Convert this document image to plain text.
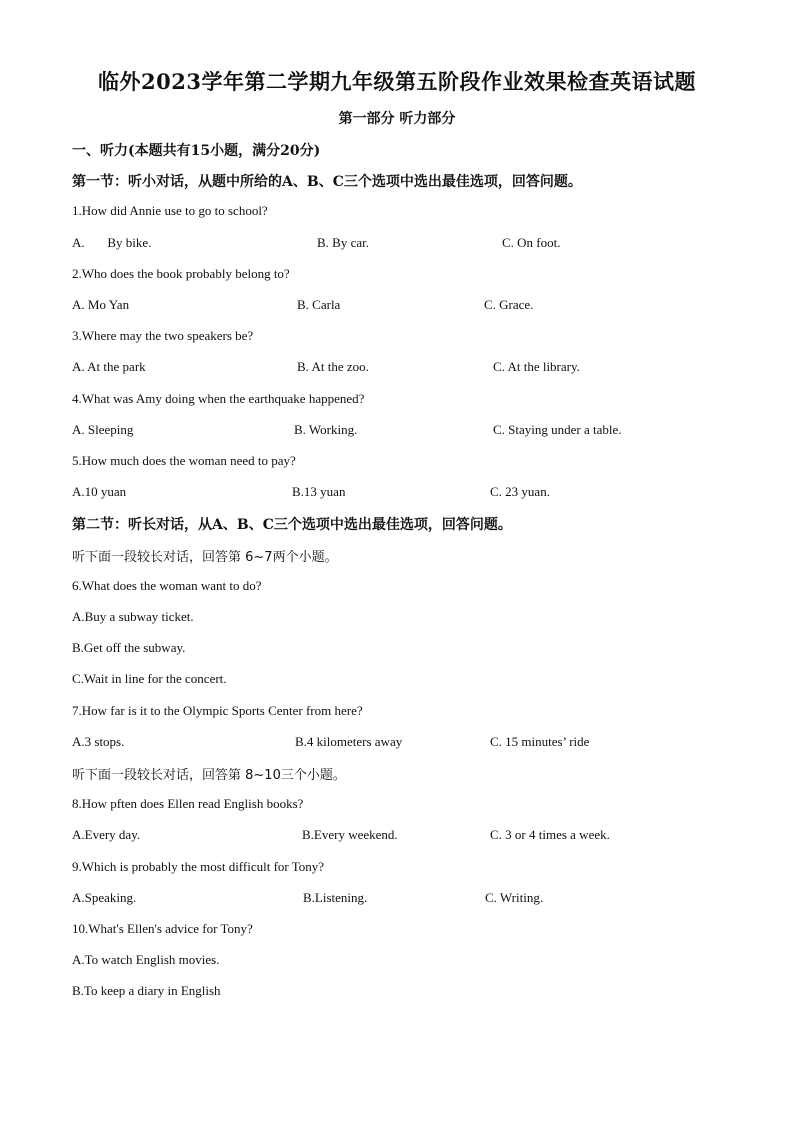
临外2023学年第二学期九年级第五阶段作业效果检查英语试题
第一部分 听力部分
一、听力(本题共有15小题，满分20分)
第一节：听小对话，从题中所给的A、B、C三个选项中选出最佳选项，回答问题。
1.How did Annie use to go to school?
A.       By bike.	B. By car.	C. On foot.
2.Who does the book probably belong to?
A. Mo Yan	B. Carla	C. Grace.
3.Where may the two speakers be?
A. At the park	B. At the zoo.	C. At the library.
4.What was Amy doing when the earthquake happened?
A. Sleeping	B. Working.	C. Staying under a table.
5.How much does the woman need to pay?
A.10 yuan	B.13 yuan	C. 23 yuan.
第二节：听长对话，从A、B、C三个选项中选出最佳选项，回答问题。
听下面一段较长对话，回答第 6~7两个小题。
6.What does the woman want to do?
A.Buy a subway ticket.
B.Get off the subway.
C.Wait in line for the concert.
7.How far is it to the Olympic Sports Center from here?
A.3 stops.	B.4 kilometers away	C. 15 minutes’ ride
听下面一段较长对话，回答第 8~10三个小题。
8.How pften does Ellen read English books?
A.Every day.	B.Every weekend.	C. 3 or 4 times a week.
9.Which is probably the most difficult for Tony?
A.Speaking.	B.Listening.	C. Writing.
10.What's Ellen's advice for Tony?
A.To watch English movies.
B.To keep a diary in English
